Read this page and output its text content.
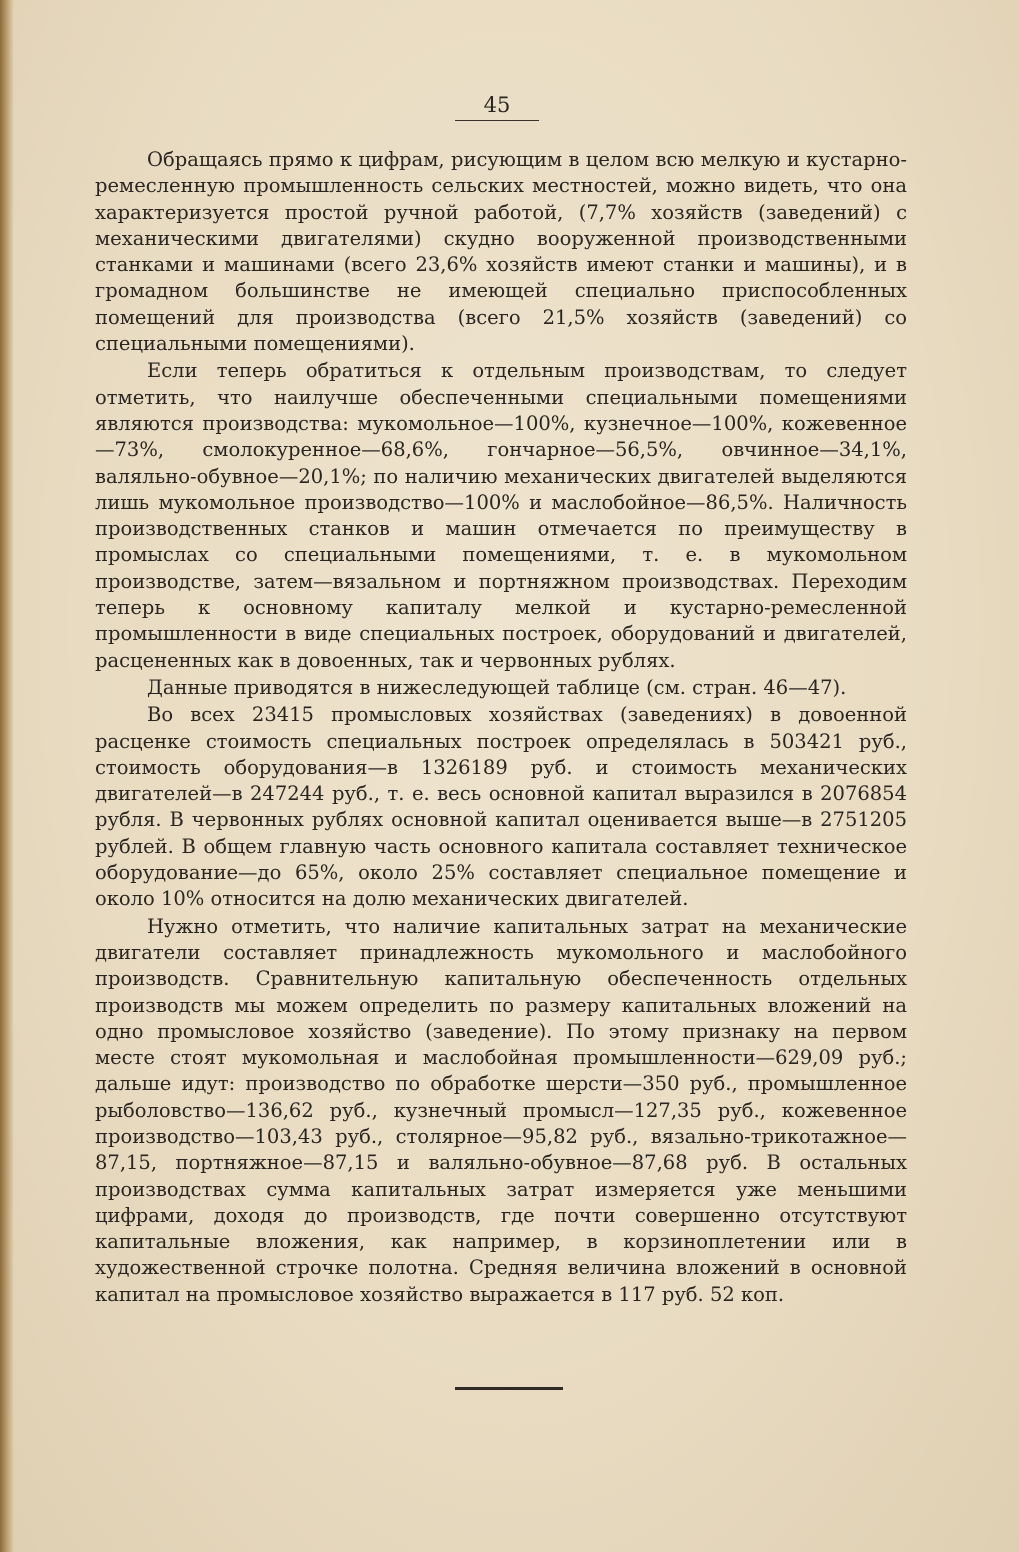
45

Обращаясь прямо к цифрам, рисующим в целом всю мелкую и кустарно-ремесленную промышленность сельских местностей, можно видеть, что она характеризуется простой ручной работой, (7,7% хозяйств (заведений) с механическими двигателями) скудно вооруженной производственными станками и машинами (всего 23,6% хозяйств имеют станки и машины), и в громадном большинстве не имеющей специально приспособленных помещений для производства (всего 21,5% хозяйств (заведений) со специальными помещениями).

Если теперь обратиться к отдельным производствам, то следует отметить, что наилучше обеспеченными специальными помещениями являются производства: мукомольное—100%, кузнечное—100%, кожевенное—73%, смолокуренное—68,6%, гончарное—56,5%, овчинное—34,1%, валяльно-обувное—20,1%; по наличию механических двигателей выделяются лишь мукомольное производство—100% и маслобойное—86,5%. Наличность производственных станков и машин отмечается по преимуществу в промыслах со специальными помещениями, т. е. в мукомольном производстве, затем—вязальном и портняжном производствах. Переходим теперь к основному капиталу мелкой и кустарно-ремесленной промышленности в виде специальных построек, оборудований и двигателей, расцененных как в довоенных, так и червонных рублях.

Данные приводятся в нижеследующей таблице (см. стран. 46—47).

Во всех 23415 промысловых хозяйствах (заведениях) в довоенной расценке стоимость специальных построек определялась в 503421 руб., стоимость оборудования—в 1326189 руб. и стоимость механических двигателей—в 247244 руб., т. е. весь основной капитал выразился в 2076854 рубля. В червонных рублях основной капитал оценивается выше—в 2751205 рублей. В общем главную часть основного капитала составляет техническое оборудование—до 65%, около 25% составляет специальное помещение и около 10% относится на долю механических двигателей.

Нужно отметить, что наличие капитальных затрат на механические двигатели составляет принадлежность мукомольного и маслобойного производств. Сравнительную капитальную обеспеченность отдельных производств мы можем определить по размеру капитальных вложений на одно промысловое хозяйство (заведение). По этому признаку на первом месте стоят мукомольная и маслобойная промышленности—629,09 руб.; дальше идут: производство по обработке шерсти—350 руб., промышленное рыболовство—136,62 руб., кузнечный промысл—127,35 руб., кожевенное производство—103,43 руб., столярное—95,82 руб., вязально-трикотажное—87,15, портняжное—87,15 и валяльно-обувное—87,68 руб. В остальных производствах сумма капитальных затрат измеряется уже меньшими цифрами, доходя до производств, где почти совершенно отсутствуют капитальные вложения, как например, в корзиноплетении или в художественной строчке полотна. Средняя величина вложений в основной капитал на промысловое хозяйство выражается в 117 руб. 52 коп.
